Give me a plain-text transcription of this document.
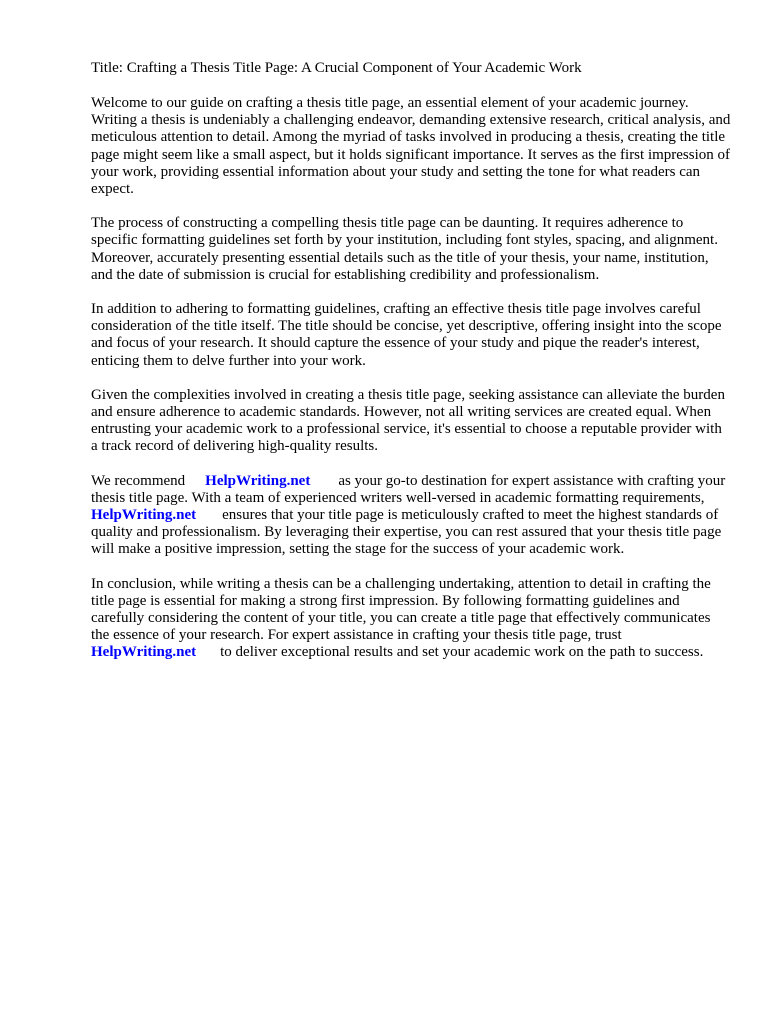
Title: Crafting a Thesis Title Page: A Crucial Component of Your Academic Work

Welcome to our guide on crafting a thesis title page, an essential element of your academic journey. Writing a thesis is undeniably a challenging endeavor, demanding extensive research, critical analysis, and meticulous attention to detail. Among the myriad of tasks involved in producing a thesis, creating the title page might seem like a small aspect, but it holds significant importance. It serves as the first impression of your work, providing essential information about your study and setting the tone for what readers can expect.

The process of constructing a compelling thesis title page can be daunting. It requires adherence to specific formatting guidelines set forth by your institution, including font styles, spacing, and alignment. Moreover, accurately presenting essential details such as the title of your thesis, your name, institution, and the date of submission is crucial for establishing credibility and professionalism.

In addition to adhering to formatting guidelines, crafting an effective thesis title page involves careful consideration of the title itself. The title should be concise, yet descriptive, offering insight into the scope and focus of your research. It should capture the essence of your study and pique the reader's interest, enticing them to delve further into your work.

Given the complexities involved in creating a thesis title page, seeking assistance can alleviate the burden and ensure adherence to academic standards. However, not all writing services are created equal. When entrusting your academic work to a professional service, it's essential to choose a reputable provider with a track record of delivering high-quality results.

We recommend HelpWriting.net as your go-to destination for expert assistance with crafting your thesis title page. With a team of experienced writers well-versed in academic formatting requirements,HelpWriting.net ensures that your title page is meticulously crafted to meet the highest standards of quality and professionalism. By leveraging their expertise, you can rest assured that your thesis title page will make a positive impression, setting the stage for the success of your academic work.

In conclusion, while writing a thesis can be a challenging undertaking, attention to detail in crafting the title page is essential for making a strong first impression. By following formatting guidelines and carefully considering the content of your title, you can create a title page that effectively communicates the essence of your research. For expert assistance in crafting your thesis title page, trustHelpWriting.net to deliver exceptional results and set your academic work on the path to success.
